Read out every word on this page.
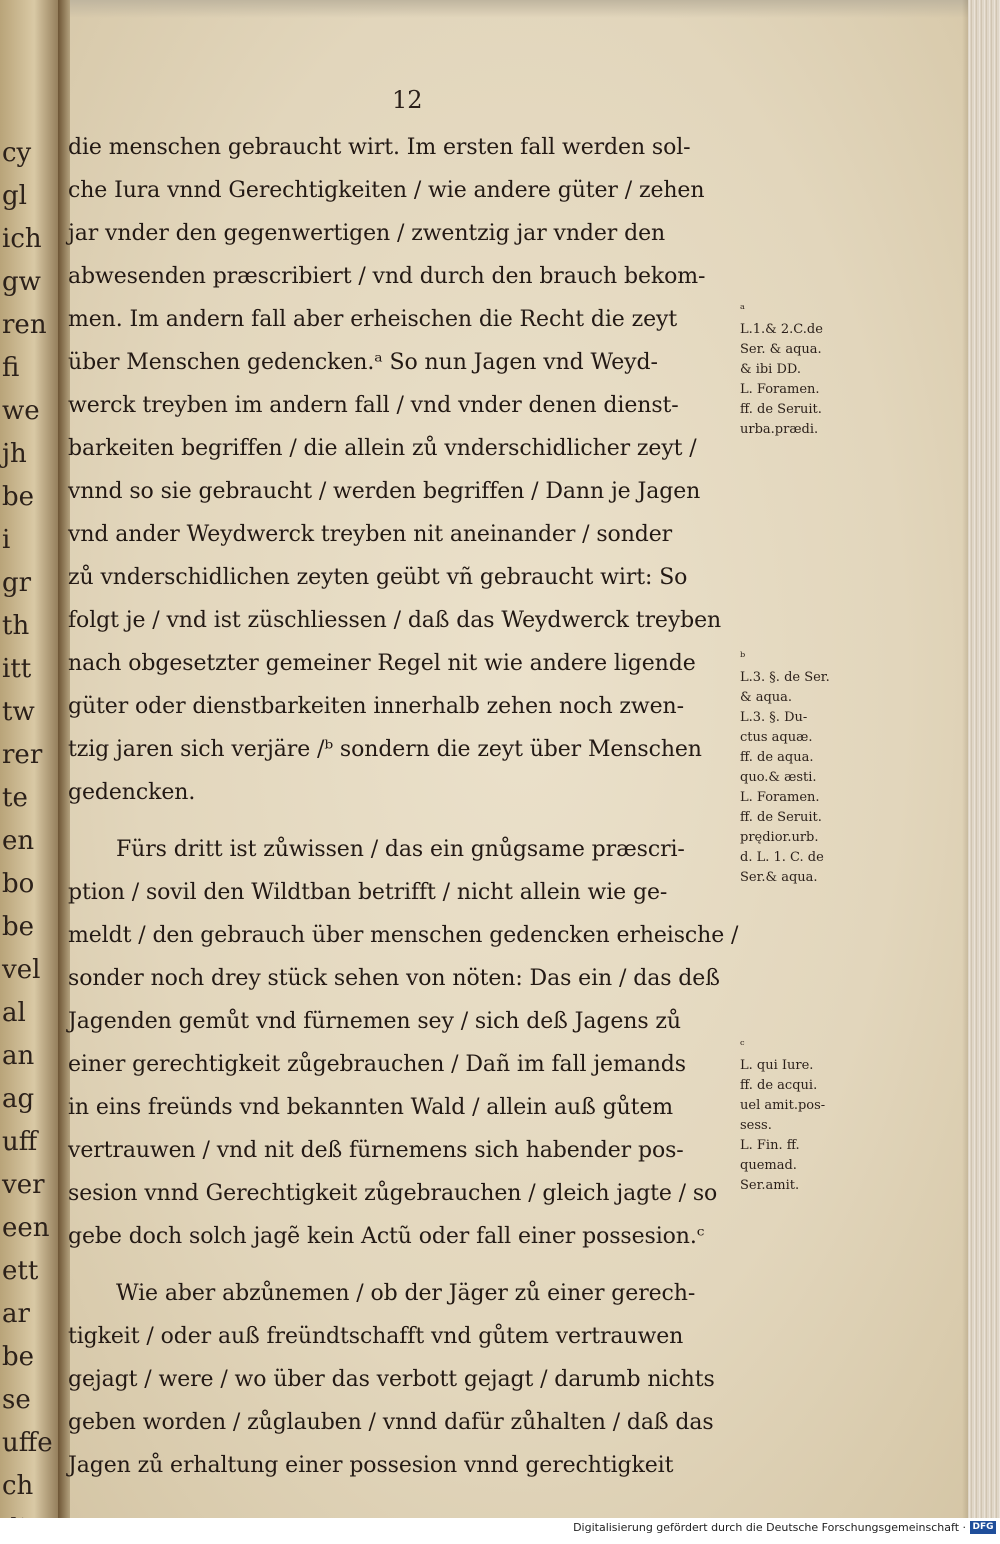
cy
gl
ich
gw
ren
fi
we
jh
be
i
gr
th
itt
tw
rer
te
en
bo
be
vel
al
an
ag
uff
ver
een
ett
ar
be
se
uffe
ch
12
die menschen gebraucht wirt. Im ersten fall werden sol-
che Iura vnnd Gerechtigkeiten / wie andere güter / zehen
jar vnder den gegenwertigen / zwentzig jar vnder den
abwesenden præscribiert / vnd durch den brauch bekom-
men. Im andern fall aber erheischen die Recht die zeyt
über Menschen gedencken.ᵃ So nun Jagen vnd Weyd-
werck treyben im andern fall / vnd vnder denen dienst-
barkeiten begriffen / die allein zů vnderschidlicher zeyt /
vnnd so sie gebraucht / werden begriffen / Dann je Jagen
vnd ander Weydwerck treyben nit aneinander / sonder
zů vnderschidlichen zeyten geübt vñ gebraucht wirt: So
folgt je / vnd ist züschliessen / daß das Weydwerck treyben
nach obgesetzter gemeiner Regel nit wie andere ligende
güter oder dienstbarkeiten innerhalb zehen noch zwen-
tzig jaren sich verjäre /ᵇ sondern die zeyt über Menschen
gedencken.
Fürs dritt ist zůwissen / das ein gnůgsame præscri-
ption / sovil den Wildtban betrifft / nicht allein wie ge-
meldt / den gebrauch über menschen gedencken erheische /
sonder noch drey stück sehen von nöten: Das ein / das deß
Jagenden gemůt vnd fürnemen sey / sich deß Jagens zů
einer gerechtigkeit zůgebrauchen / Dañ im fall jemands
in eins freünds vnd bekannten Wald / allein auß gůtem
vertrauwen / vnd nit deß fürnemens sich habender pos-
sesion vnnd Gerechtigkeit zůgebrauchen / gleich jagte / so
gebe doch solch jagẽ kein Actũ oder fall einer possesion.ᶜ
Wie aber abzůnemen / ob der Jäger zů einer gerech-
tigkeit / oder auß freündtschafft vnd gůtem vertrauwen
gejagt / were / wo über das verbott gejagt / darumb nichts
geben worden / zůglauben / vnnd dafür zůhalten / daß das
Jagen zů erhaltung einer possesion vnnd gerechtigkeit
ᵃ
L.1.& 2.C.de
Ser. & aqua.
& ibi DD.
L. Foramen.
ff. de Seruit.
urba.prædi.
ᵇ
L.3. §. de Ser.
& aqua.
L.3. §. Du-
ctus aquæ.
ff. de aqua.
quo.& æsti.
L. Foramen.
ff. de Seruit.
prędior.urb.
d. L. 1. C. de
Ser.& aqua.
ᶜ
L. qui Iure.
ff. de acqui.
uel amit.pos-
sess.
L. Fin. ff.
quemad.
Ser.amit.
Digitalisierung gefördert durch die Deutsche Forschungsgemeinschaft · DFG
